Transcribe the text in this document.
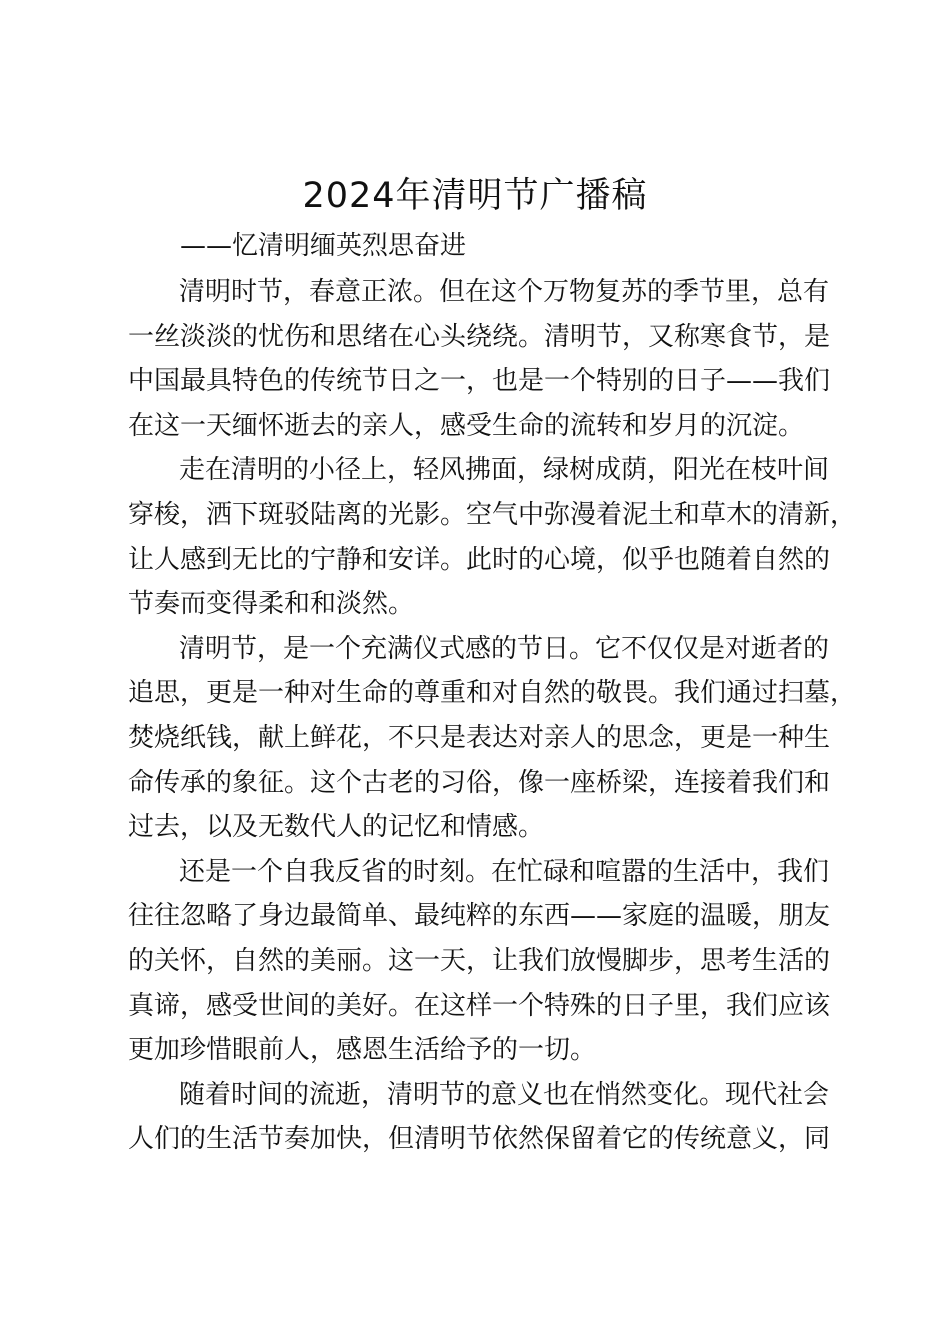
2024年清明节广播稿
——忆清明缅英烈思奋进
清明时节，春意正浓。但在这个万物复苏的季节里，总有
一丝淡淡的忧伤和思绪在心头绕绕。清明节，又称寒食节，是
中国最具特色的传统节日之一，也是一个特别的日子——我们
在这一天缅怀逝去的亲人，感受生命的流转和岁月的沉淀。
走在清明的小径上，轻风拂面，绿树成荫，阳光在枝叶间
穿梭，洒下斑驳陆离的光影。空气中弥漫着泥土和草木的清新，
让人感到无比的宁静和安详。此时的心境，似乎也随着自然的
节奏而变得柔和和淡然。
清明节，是一个充满仪式感的节日。它不仅仅是对逝者的
追思，更是一种对生命的尊重和对自然的敬畏。我们通过扫墓，
焚烧纸钱，献上鲜花，不只是表达对亲人的思念，更是一种生
命传承的象征。这个古老的习俗，像一座桥梁，连接着我们和
过去，以及无数代人的记忆和情感。
还是一个自我反省的时刻。在忙碌和喧嚣的生活中，我们
往往忽略了身边最简单、最纯粹的东西——家庭的温暖，朋友
的关怀，自然的美丽。这一天，让我们放慢脚步，思考生活的
真谛，感受世间的美好。在这样一个特殊的日子里，我们应该
更加珍惜眼前人，感恩生活给予的一切。
随着时间的流逝，清明节的意义也在悄然变化。现代社会
人们的生活节奏加快，但清明节依然保留着它的传统意义，同
